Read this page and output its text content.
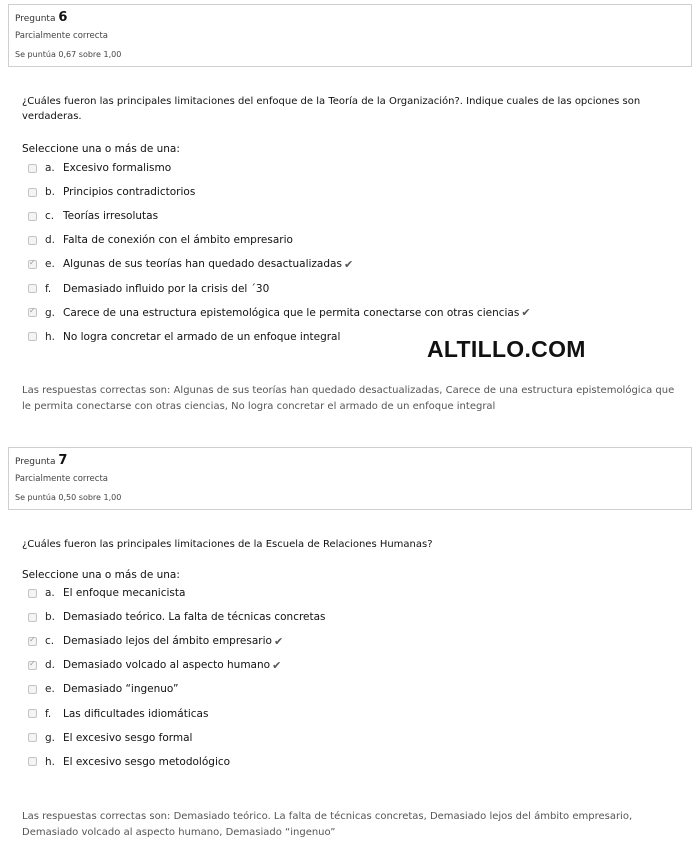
Pregunta 6
Parcialmente correcta
Se puntúa 0,67 sobre 1,00
¿Cuáles fueron las principales limitaciones del enfoque de la Teoría de la Organización?. Indique cuales de las opciones son verdaderas.
Seleccione una o más de una:
a. Excesivo formalismo
b. Principios contradictorios
c. Teorías irresolutas
d. Falta de conexión con el ámbito empresario
✓
e. Algunas de sus teorías han quedado desactualizadas ✔
f.	Demasiado influido por la crisis del ´30
✓
g. Carece de una estructura epistemológica que le permita conectarse con otras ciencias ✔
h. No logra concretar el armado de un enfoque integral	ALTILLO.COM
Las respuestas correctas son: Algunas de sus teorías han quedado desactualizadas, Carece de una estructura epistemológica que le permita conectarse con otras ciencias, No logra concretar el armado de un enfoque integral
Pregunta 7
Parcialmente correcta
Se puntúa 0,50 sobre 1,00
¿Cuáles fueron las principales limitaciones de la Escuela de Relaciones Humanas?
Seleccione una o más de una:
a. El enfoque mecanicista
b. Demasiado teórico. La falta de técnicas concretas
✓
c. Demasiado lejos del ámbito empresario ✔
✓
d. Demasiado volcado al aspecto humano ✔
e. Demasiado “ingenuo”
f.	Las dificultades idiomáticas
g. El excesivo sesgo formal
h. El excesivo sesgo metodológico
Las respuestas correctas son: Demasiado teórico. La falta de técnicas concretas, Demasiado lejos del ámbito empresario, Demasiado volcado al aspecto humano, Demasiado “ingenuo”
